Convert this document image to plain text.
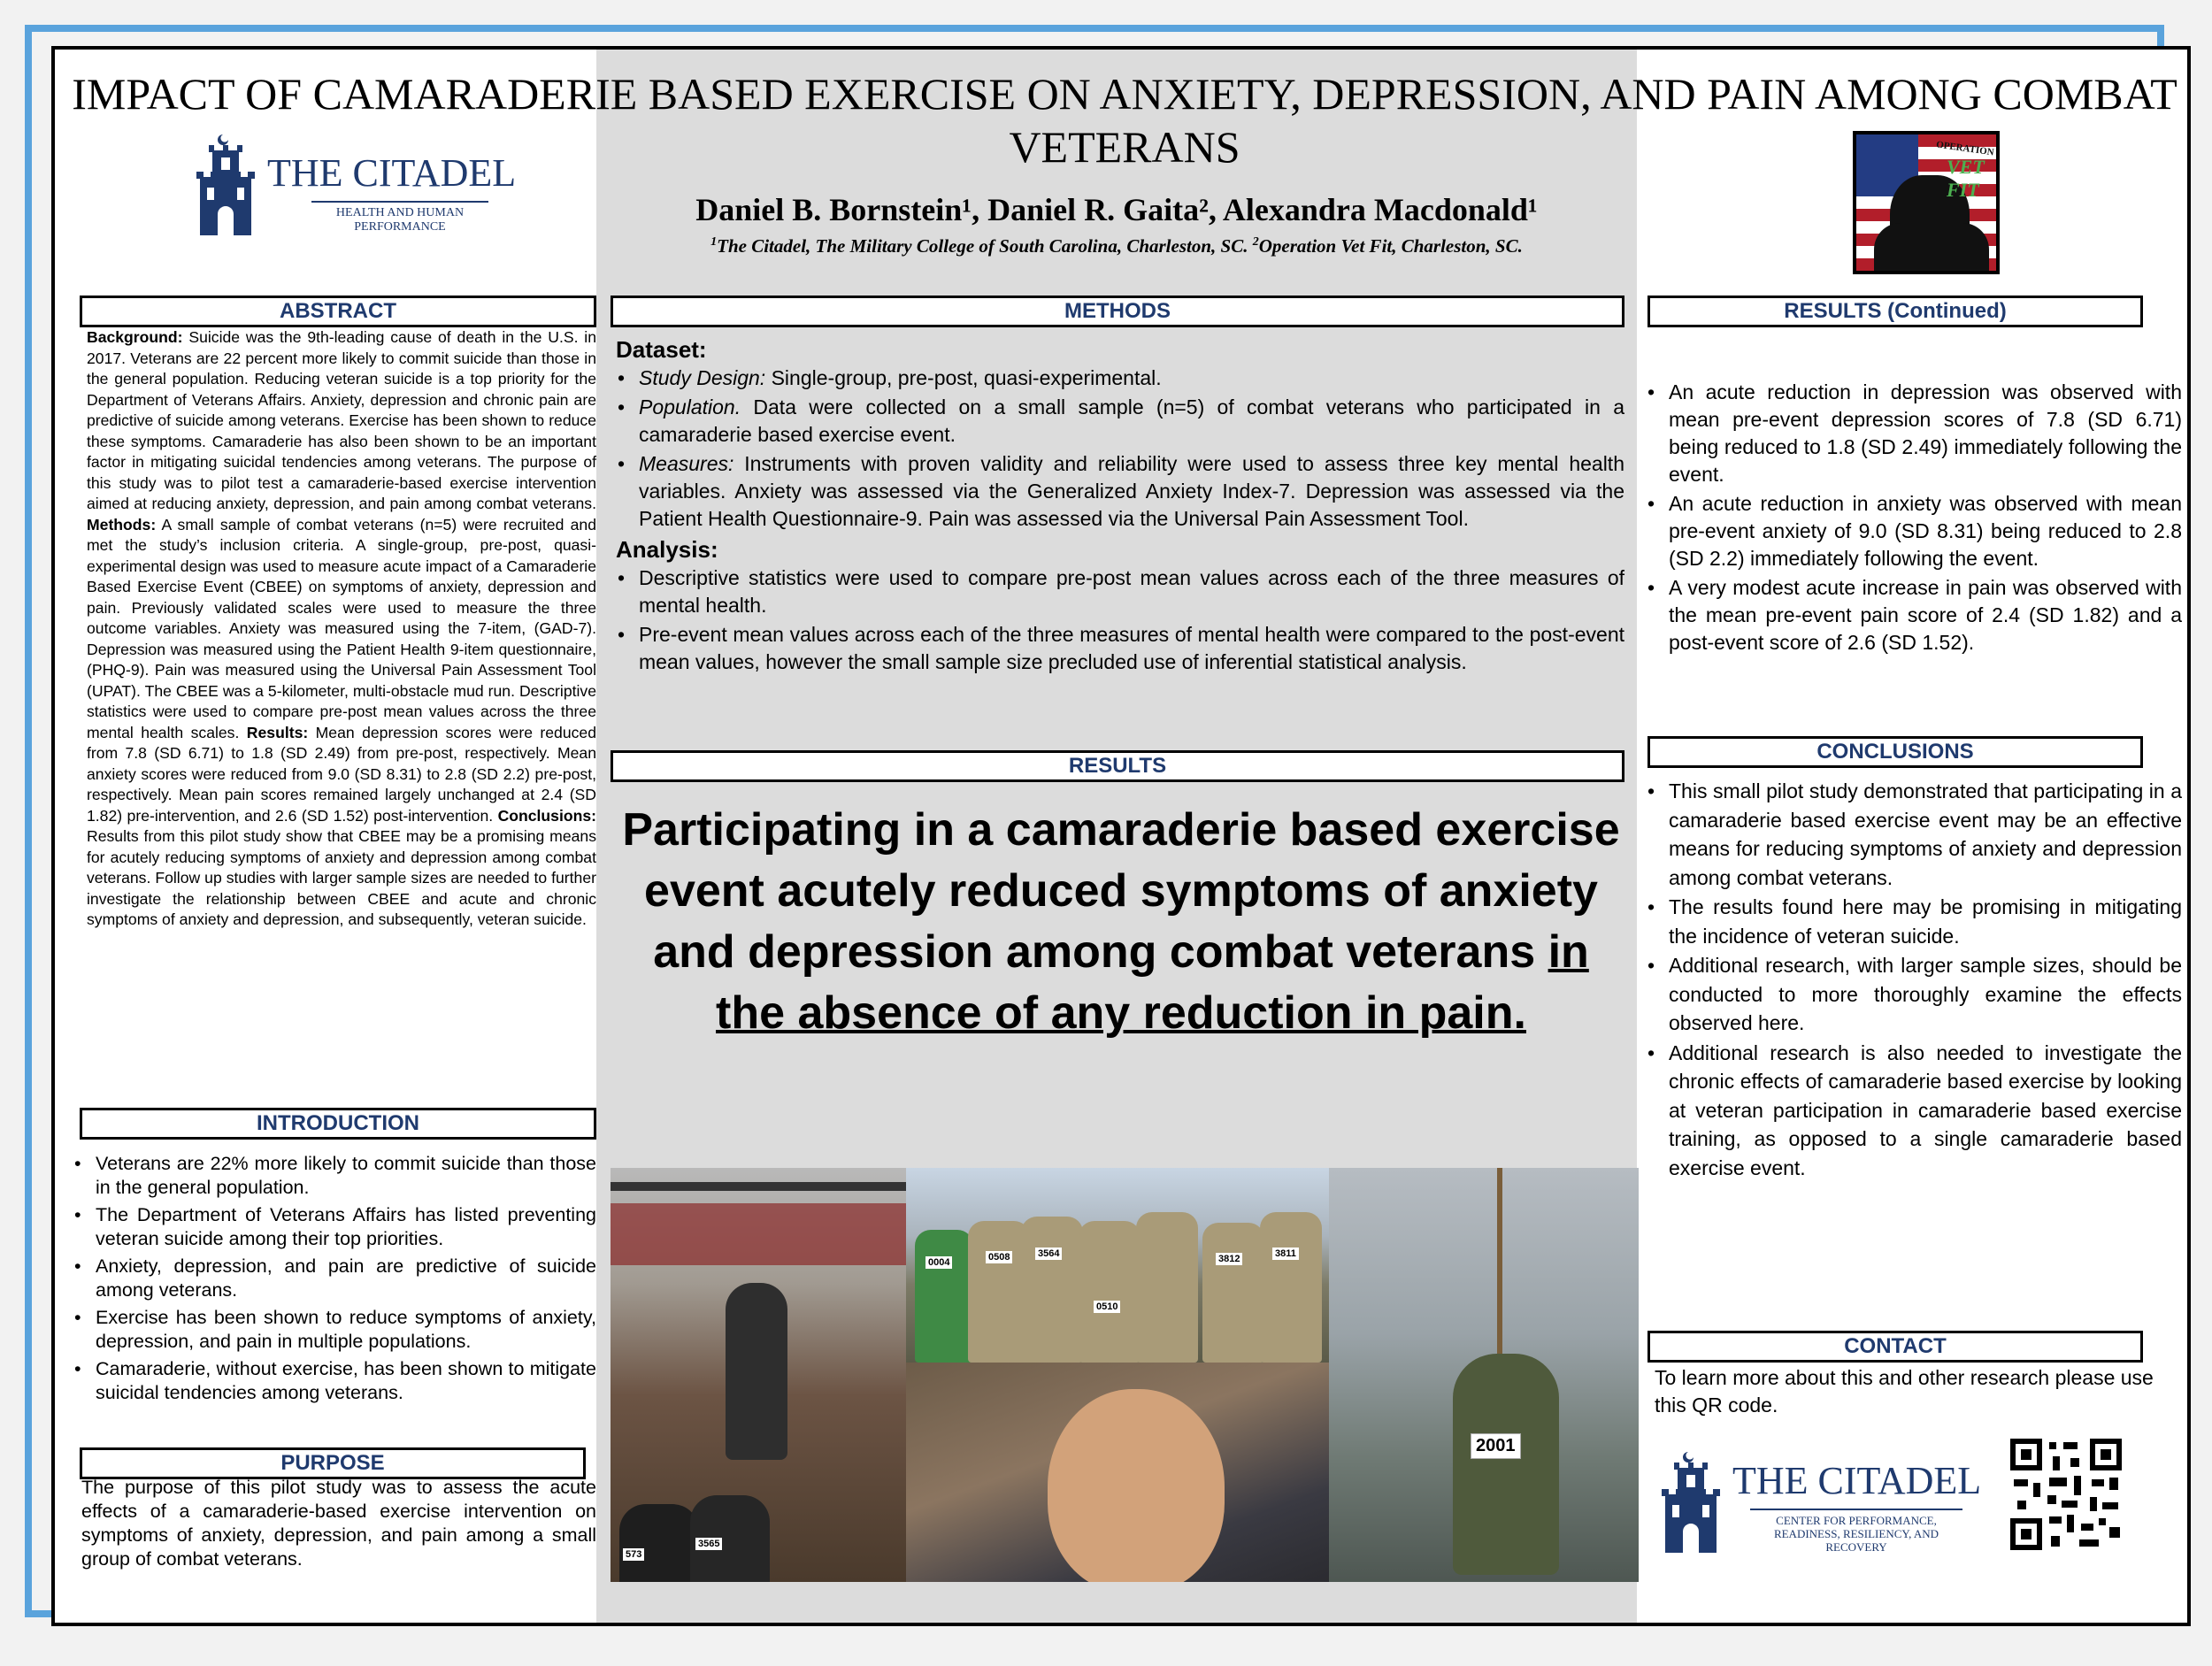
IMPACT OF CAMARADERIE BASED EXERCISE ON ANXIETY, DEPRESSION, AND PAIN AMONG COMBAT VETERANS
THE CITADEL
HEALTH AND HUMAN PERFORMANCE	Daniel B. Bornstein¹, Daniel R. Gaita², Alexandra Macdonald¹
$^1$The Citadel, The Military College of South Carolina, Charleston, SC. $^2$Operation Vet Fit, Charleston, SC.
OPERATION
VET FIT
ABSTRACT
Background: Suicide was the 9th-leading cause of death in the U.S. in 2017. Veterans are 22 percent more likely to commit suicide than those in the general population. Reducing veteran suicide is a top priority for the Department of Veterans Affairs. Anxiety, depression and chronic pain are predictive of suicide among veterans. Exercise has been shown to reduce these symptoms. Camaraderie has also been shown to be an important factor in mitigating suicidal tendencies among veterans. The purpose of this study was to pilot test a camaraderie-based exercise intervention aimed at reducing anxiety, depression, and pain among combat veterans. Methods: A small sample of combat veterans (n=5) were recruited and met the study’s inclusion criteria. A single-group, pre-post, quasi-experimental design was used to measure acute impact of a Camaraderie Based Exercise Event (CBEE) on symptoms of anxiety, depression and pain. Previously validated scales were used to measure the three outcome variables. Anxiety was measured using the 7-item, (GAD-7). Depression was measured using the Patient Health 9-item questionnaire, (PHQ-9). Pain was measured using the Universal Pain Assessment Tool (UPAT). The CBEE was a 5-kilometer, multi-obstacle mud run. Descriptive statistics were used to compare pre-post mean values across the three mental health scales. Results: Mean depression scores were reduced from 7.8 (SD 6.71) to 1.8 (SD 2.49) from pre-post, respectively. Mean anxiety scores were reduced from 9.0 (SD 8.31) to 2.8 (SD 2.2) pre-post, respectively. Mean pain scores remained largely unchanged at 2.4 (SD 1.82) pre-intervention, and 2.6 (SD 1.52) post-intervention. Conclusions: Results from this pilot study show that CBEE may be a promising means for acutely reducing symptoms of anxiety and depression among combat veterans. Follow up studies with larger sample sizes are needed to further investigate the relationship between CBEE and acute and chronic symptoms of anxiety and depression, and subsequently, veteran suicide.
INTRODUCTION
• Veterans are 22% more likely to commit suicide than those in the general population.
• The Department of Veterans Affairs has listed preventing veteran suicide among their top priorities.
• Anxiety, depression, and pain are predictive of suicide among veterans.
• Exercise has been shown to reduce symptoms of anxiety, depression, and pain in multiple populations.
• Camaraderie, without exercise, has been shown to mitigate suicidal tendencies among veterans.
PURPOSE
The purpose of this pilot study was to assess the acute effects of a camaraderie-based exercise intervention on symptoms of anxiety, depression, and pain among a small group of combat veterans.
METHODS
Dataset:
• Study Design: Single-group, pre-post, quasi-experimental.
• Population. Data were collected on a small sample (n=5) of combat veterans who participated in a camaraderie based exercise event.
• Measures: Instruments with proven validity and reliability were used to assess three key mental health variables. Anxiety was assessed via the Generalized Anxiety Index-7. Depression was assessed via the Patient Health Questionnaire-9. Pain was assessed via the Universal Pain Assessment Tool.
Analysis:
• Descriptive statistics were used to compare pre-post mean values across each of the three measures of mental health.
• Pre-event mean values across each of the three measures of mental health were compared to the post-event mean values, however the small sample size precluded use of inferential statistical analysis.
RESULTS
Participating in a camaraderie based exercise event acutely reduced symptoms of anxiety and depression among combat veterans in the absence of any reduction in pain.
573
3565
0004	0508	3564
0510
3812	3811
2001
RESULTS (Continued)
• An acute reduction in depression was observed with mean pre-event depression scores of 7.8 (SD 6.71) being reduced to 1.8 (SD 2.49) immediately following the event.
• An acute reduction in anxiety was observed with mean pre-event anxiety of 9.0 (SD 8.31) being reduced to 2.8 (SD 2.2) immediately following the event.
• A very modest acute increase in pain was observed with the mean pre-event pain score of 2.4 (SD 1.82) and a post-event score of 2.6 (SD 1.52).
CONCLUSIONS
• This small pilot study demonstrated that participating in a camaraderie based exercise event may be an effective means for reducing symptoms of anxiety and depression among combat veterans.
• The results found here may be promising in mitigating the incidence of veteran suicide.
• Additional research, with larger sample sizes, should be conducted to more thoroughly examine the effects observed here.
• Additional research is also needed to investigate the chronic effects of camaraderie based exercise by looking at veteran participation in camaraderie based exercise training, as opposed to a single camaraderie based exercise event.
CONTACT
To learn more about this and other research please use this QR code.
THE CITADEL
CENTER FOR PERFORMANCE, READINESS, RESILIENCY, AND RECOVERY
